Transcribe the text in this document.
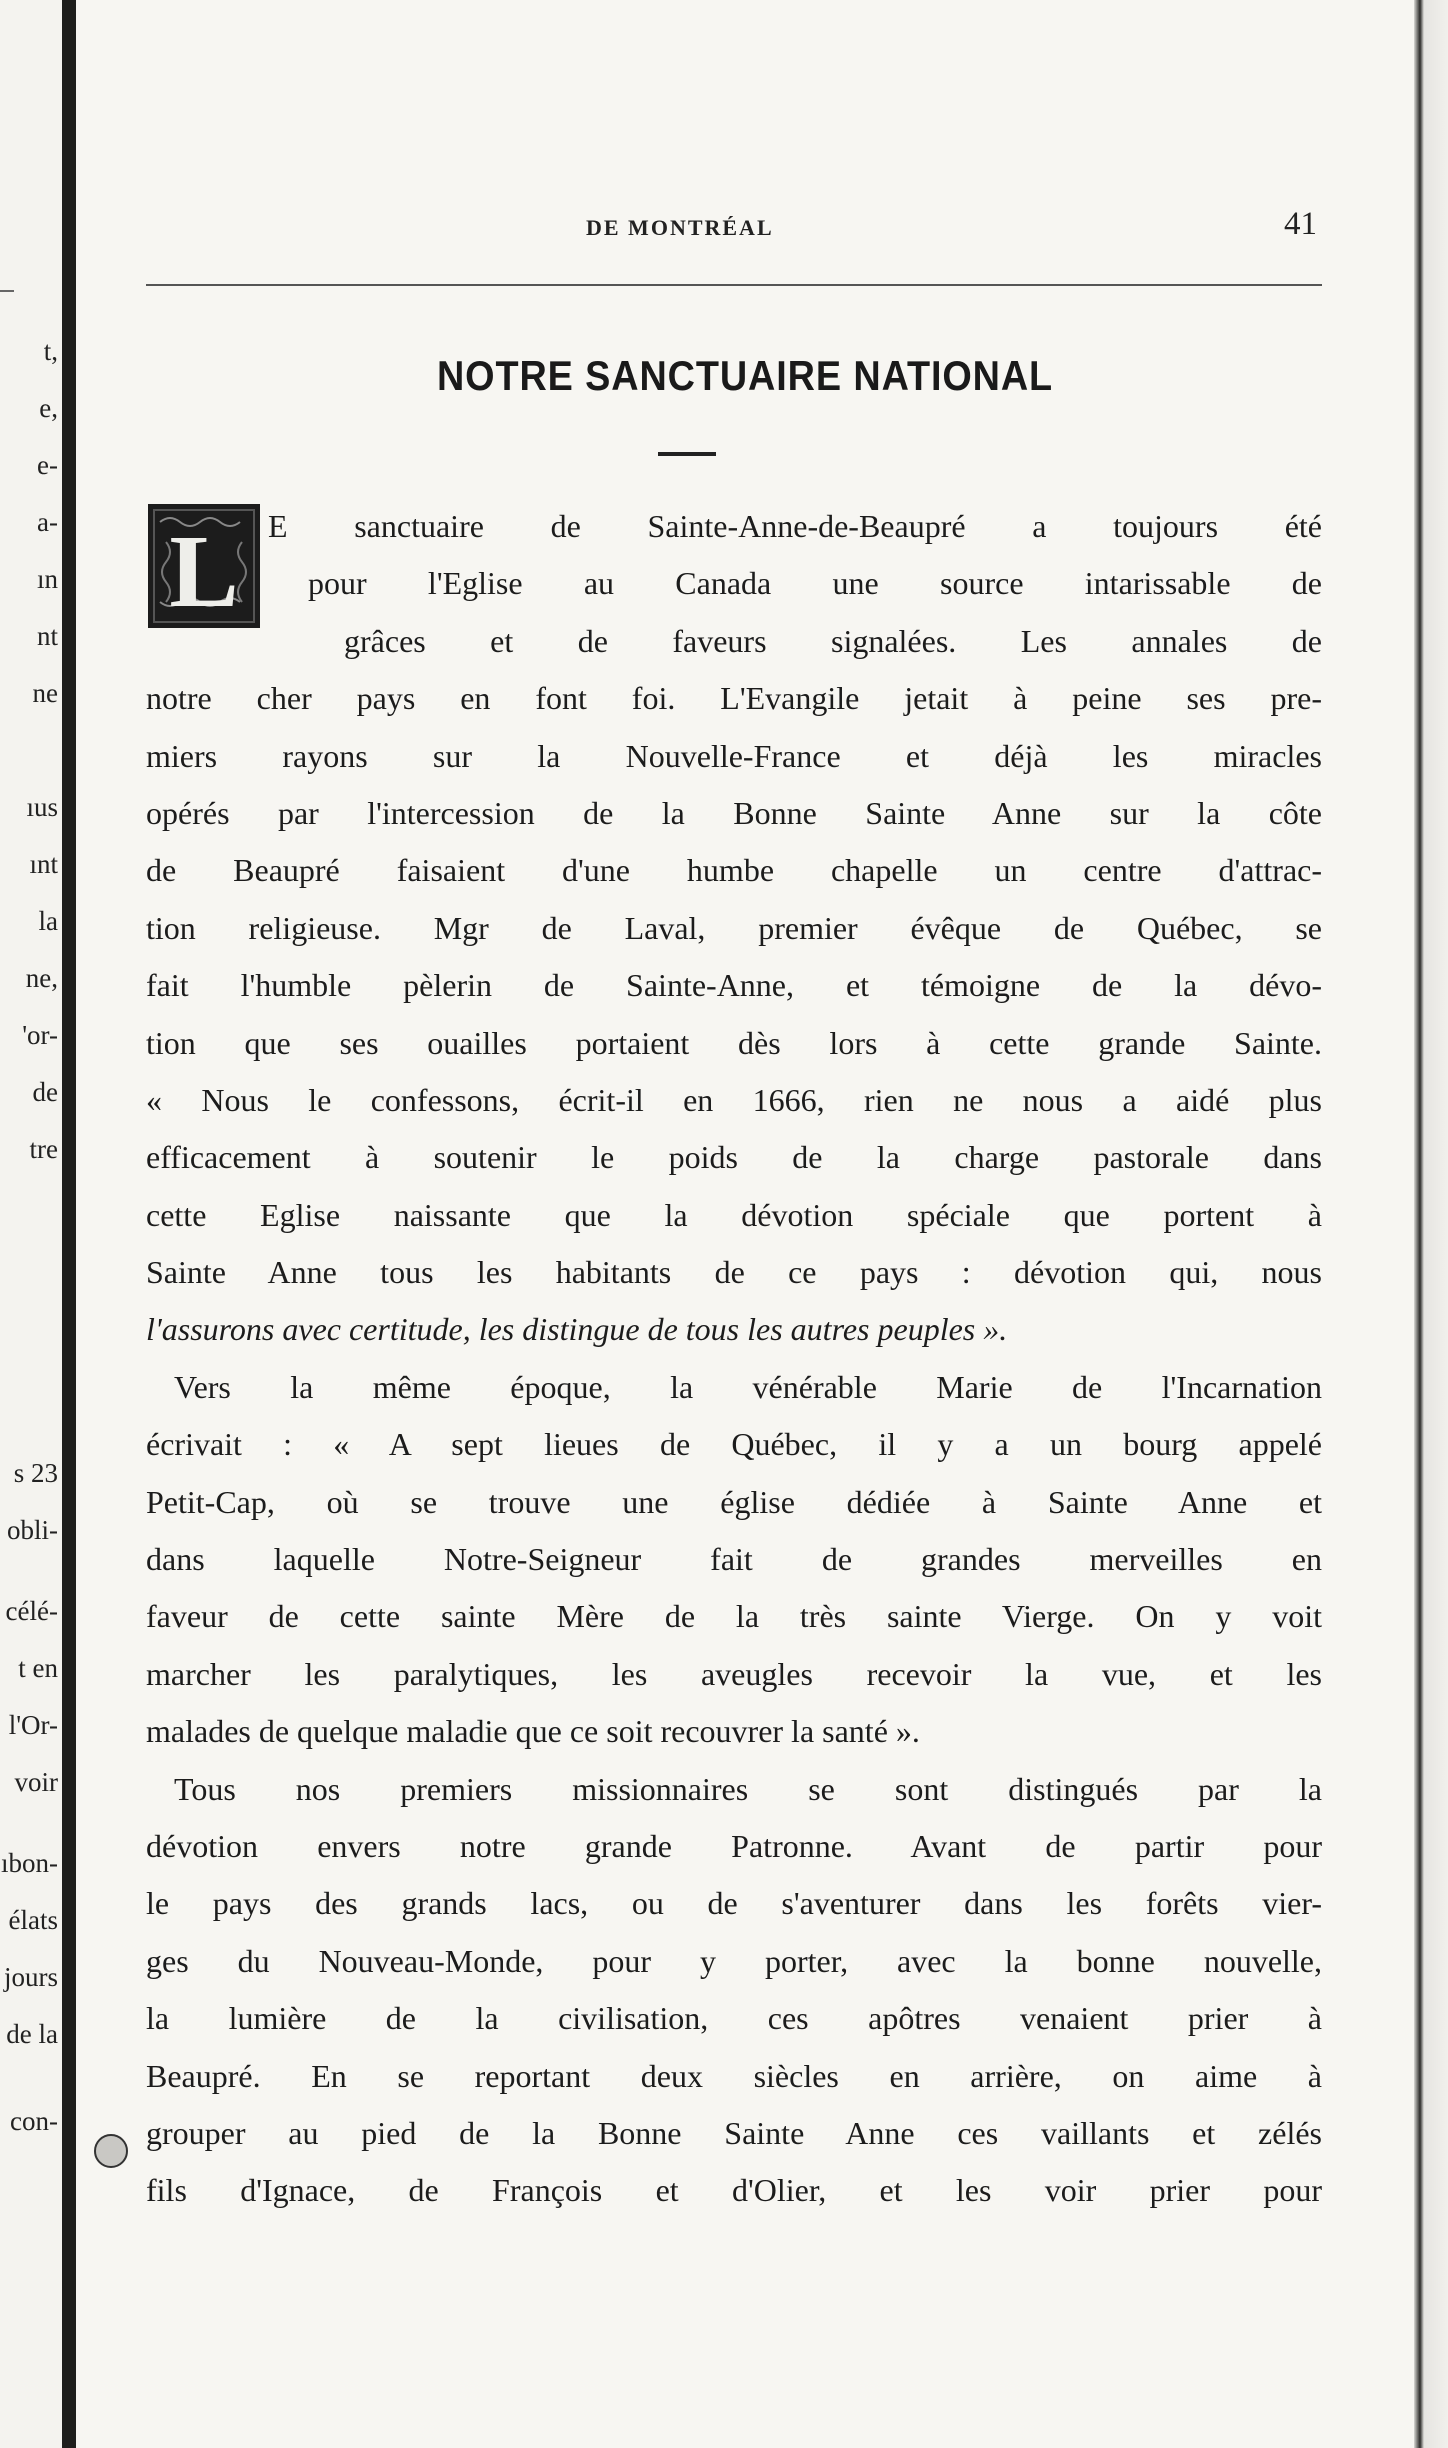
t,
e,
e-
a-
ın
nt
ne
ıus
ınt
la
ne,
'or-
de
tre
s 23
obli-
célé-
t en
l'Or-
voir
ıbon-
élats
jours
de la
con-
DE MONTRÉAL	41
NOTRE SANCTUAIRE NATIONAL
L E sanctuaire de Sainte-Anne-de-Beaupré a toujours été
pour l'Eglise au Canada une source intarissable de
grâces et de faveurs signalées. Les annales de
notre cher pays en font foi. L'Evangile jetait à peine ses pre-
miers rayons sur la Nouvelle-France et déjà les miracles
opérés par l'intercession de la Bonne Sainte Anne sur la côte
de Beaupré faisaient d'une humbe chapelle un centre d'attrac-
tion religieuse. Mgr de Laval, premier évêque de Québec, se
fait l'humble pèlerin de Sainte-Anne, et témoigne de la dévo-
tion que ses ouailles portaient dès lors à cette grande Sainte.
« Nous le confessons, écrit-il en 1666, rien ne nous a aidé plus
efficacement à soutenir le poids de la charge pastorale dans
cette Eglise naissante que la dévotion spéciale que portent à
Sainte Anne tous les habitants de ce pays : dévotion qui, nous
l'assurons avec certitude, les distingue de tous les autres peuples ».
Vers la même époque, la vénérable Marie de l'Incarnation
écrivait : « A sept lieues de Québec, il y a un bourg appelé
Petit-Cap, où se trouve une église dédiée à Sainte Anne et
dans laquelle Notre-Seigneur fait de grandes merveilles en
faveur de cette sainte Mère de la très sainte Vierge. On y voit
marcher les paralytiques, les aveugles recevoir la vue, et les
malades de quelque maladie que ce soit recouvrer la santé ».
Tous nos premiers missionnaires se sont distingués par la
dévotion envers notre grande Patronne. Avant de partir pour
le pays des grands lacs, ou de s'aventurer dans les forêts vier-
ges du Nouveau-Monde, pour y porter, avec la bonne nouvelle,
la lumière de la civilisation, ces apôtres venaient prier à
Beaupré. En se reportant deux siècles en arrière, on aime à
grouper au pied de la Bonne Sainte Anne ces vaillants et zélés
fils d'Ignace, de François et d'Olier, et les voir prier pour
